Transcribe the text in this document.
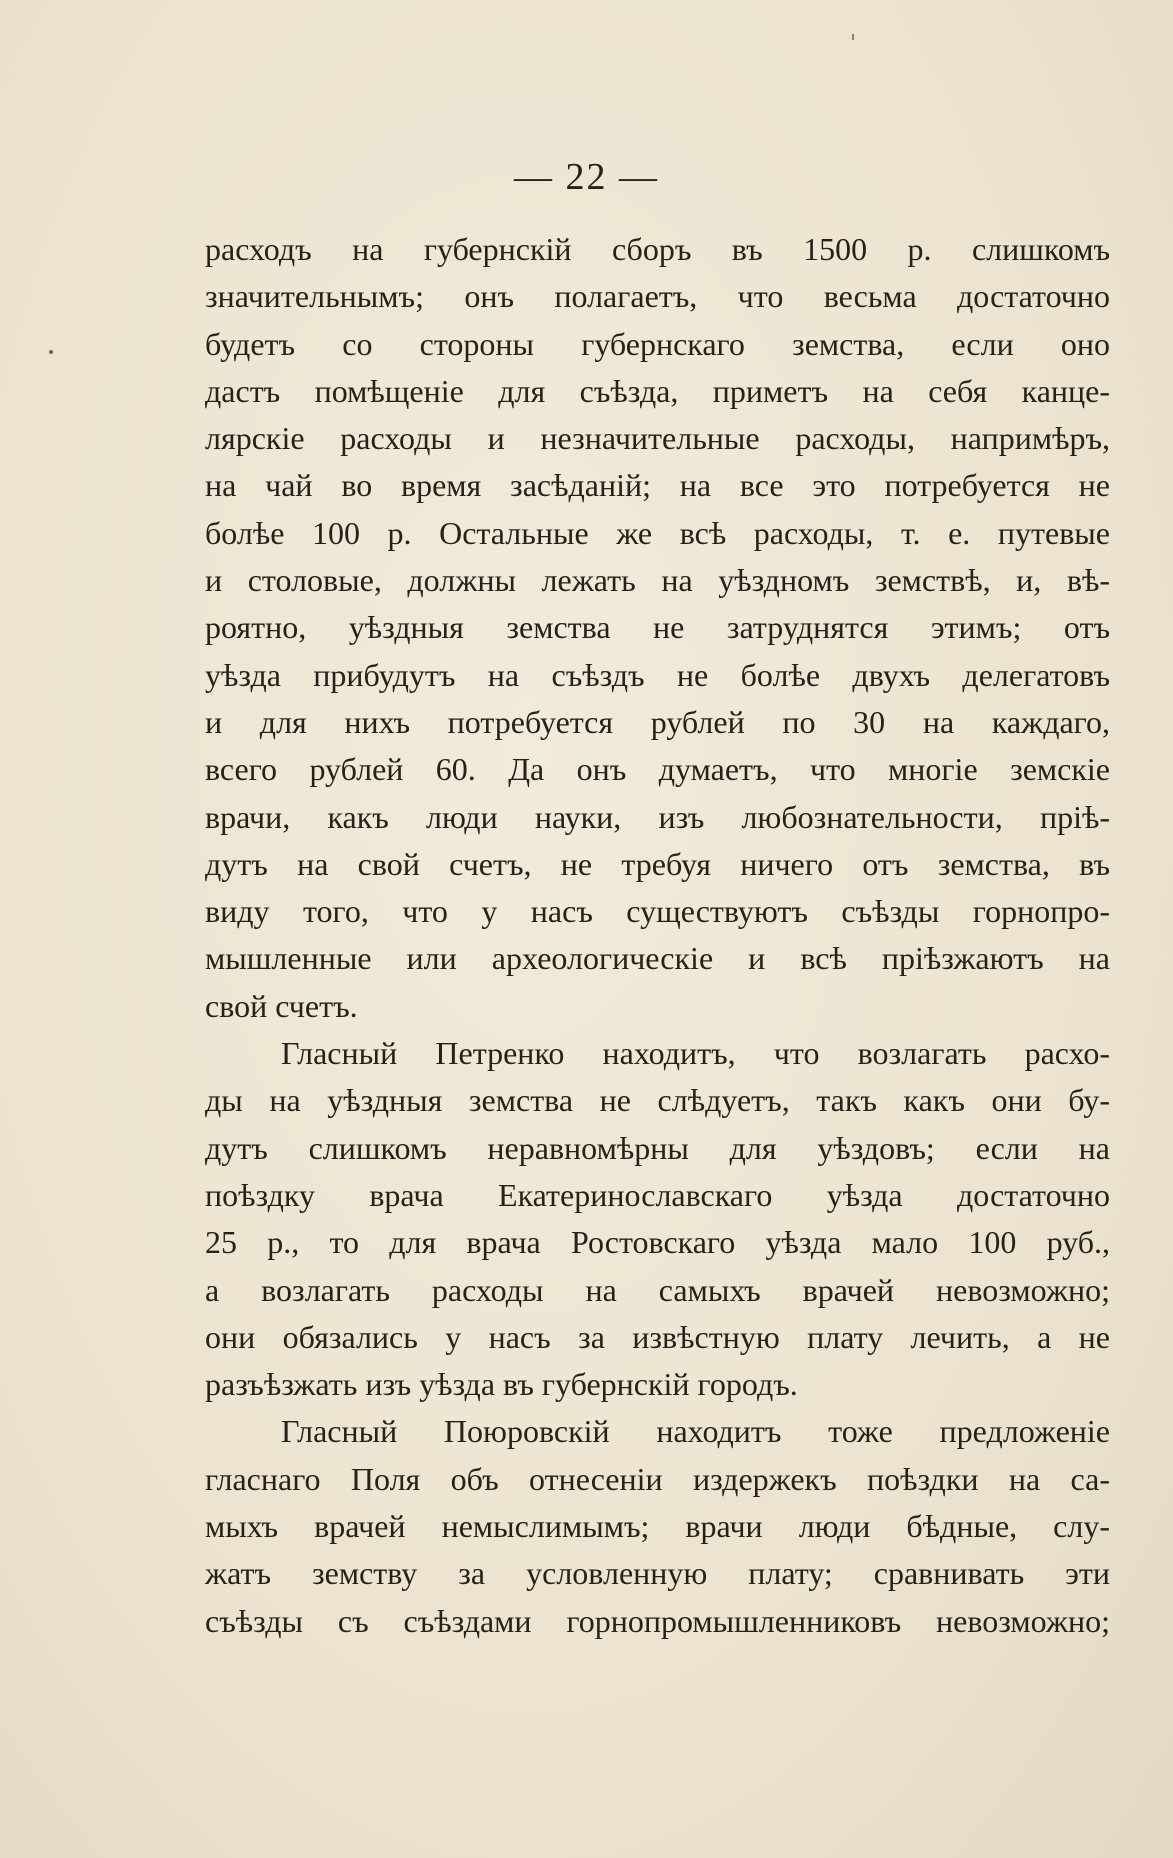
— 22 —
расходъ на губернскій сборъ въ 1500 р. слишкомъ
значительнымъ; онъ полагаетъ, что весьма достаточно
будетъ со стороны губернскаго земства, если оно
дастъ помѣщеніе для съѣзда, приметъ на себя канце-
лярскіе расходы и незначительные расходы, напримѣръ,
на чай во время засѣданій; на все это потребуется не
болѣе 100 р. Остальные же всѣ расходы, т. е. путевые
и столовые, должны лежать на уѣздномъ земствѣ, и, вѣ-
роятно, уѣздныя земства не затруднятся этимъ; отъ
уѣзда прибудутъ на съѣздъ не болѣе двухъ делегатовъ
и для нихъ потребуется рублей по 30 на каждаго,
всего рублей 60. Да онъ думаетъ, что многіе земскіе
врачи, какъ люди науки, изъ любознательности, пріѣ-
дутъ на свой счетъ, не требуя ничего отъ земства, въ
виду того, что у насъ существуютъ съѣзды горнопро-
мышленные или археологическіе и всѣ пріѣзжаютъ на
свой счетъ.
Гласный Петренко находитъ, что возлагать расхо-
ды на уѣздныя земства не слѣдуетъ, такъ какъ они бу-
дутъ слишкомъ неравномѣрны для уѣздовъ; если на
поѣздку врача Екатеринославскаго уѣзда достаточно
25 р., то для врача Ростовскаго уѣзда мало 100 руб.,
а возлагать расходы на самыхъ врачей невозможно;
они обязались у насъ за извѣстную плату лечить, а не
разъѣзжать изъ уѣзда въ губернскій городъ.
Гласный Поюровскій находитъ тоже предложеніе
гласнаго Поля объ отнесеніи издержекъ поѣздки на са-
мыхъ врачей немыслимымъ; врачи люди бѣдные, слу-
жатъ земству за условленную плату; сравнивать эти
съѣзды съ съѣздами горнопромышленниковъ невозможно;
